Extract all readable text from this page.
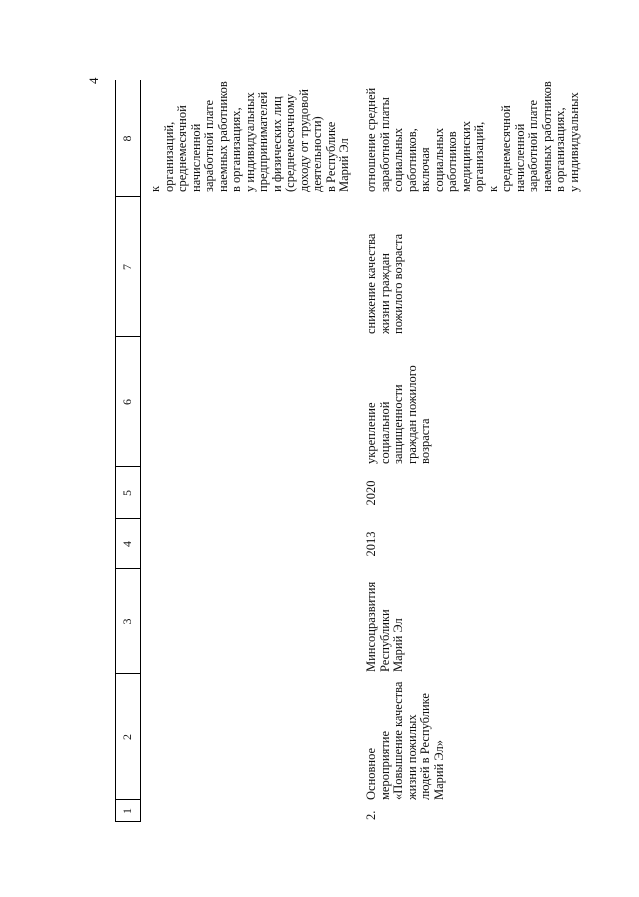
4
1
2
3
4
5
6
7
8
к организаций, среднемесячной начисленной заработной плате наемных работников в организациях, у индивидуальных предпринимателей и физических лиц (среднемесячному доходу от трудовой деятельности) в Республике Марий Эл
2.
Основное мероприятие «Повышение качества жизни пожилых людей в Республике Марий Эл»
Минсоцразвития Республики Марий Эл
2013
2020
укрепление социальной защищенности граждан пожилого возраста
снижение качества жизни граждан пожилого возраста
отношение средней заработной платы социальных работников, включая социальных работников медицинских организаций, к среднемесячной начисленной заработной плате наемных работников в организациях, у индивидуальных
